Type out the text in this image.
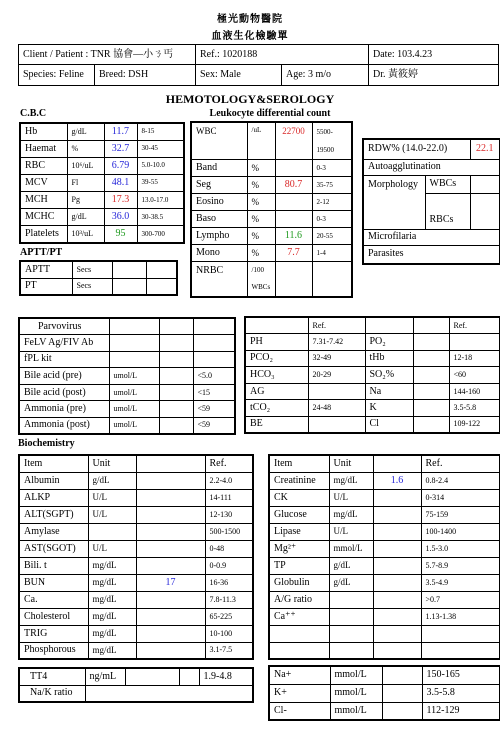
極光動物醫院
血液生化檢驗單
Client / Patient : TNR 協會—小ㄋ丐		Ref.: 1020188		Date: 103.4.23
Species: Feline	Breed: DSH	Sex: Male	Age: 3 m/o	Dr. 黃筱婷
HEMOTOLOGY&SEROLOGY
C.B.C	Leukocyte differential count
Hb	g/dL	11.7	8-15
Haemat	%	32.7	30-45
RBC	10⁶/uL	6.79	5.0-10.0
MCV	Fl	48.1	39-55
MCH	Pg	17.3	13.0-17.0
MCHC	g/dL	36.0	30-38.5
Platelets	10³/uL	95	300-700
APTT/PT
APTT	Secs		
PT	Secs		
WBC	/uL	22700	5500-
19500

Band	%		0-3
Seg	%	80.7	35-75
Eosino	%		2-12
Baso	%		0-3
Lympho	%	11.6	20-55
Mono	%	7.7	1-4
NRBC	/100
WBCs		

RDW% (14.0-22.0)		22.1
Autoagglutination		
Morphology	WBCs	
	RBCs	
Microfilaria		
Parasites		
Parvovirus			
FeLV Ag/FIV Ab			
fPL kit			
Bile acid (pre)	umol/L		<5.0
Bile acid (post)	umol/L		<15
Ammonia (pre)	umol/L		<59
Ammonia (post)	umol/L		<59
		Ref.			Ref.
PH		7.31-7.42	PO₂		
PCO₂		32-49	tHb		12-18
HCO₃		20-29	SO₂%		<60
AG			Na		144-160
tCO₂		24-48	K		3.5-5.8
BE			Cl		109-122
Biochemistry
Item	Unit		Ref.
Albumin	g/dL		2.2-4.0
ALKP	U/L		14-111
ALT(SGPT)	U/L		12-130
Amylase			500-1500
AST(SGOT)	U/L		0-48
Bili. t	mg/dL		0-0.9
BUN	mg/dL	17	16-36
Ca.	mg/dL		7.8-11.3
Cholesterol	mg/dL		65-225
TRIG	mg/dL		10-100
Phosphorous	mg/dL		3.1-7.5
Item	Unit		Ref.
Creatinine	mg/dL	1.6	0.8-2.4
CK	U/L		0-314
Glucose	mg/dL		75-159
Lipase	U/L		100-1400
Mg²⁺	mmol/L		1.5-3.0
TP	g/dL		5.7-8.9
Globulin	g/dL		3.5-4.9
A/G ratio			>0.7
Ca⁺⁺			1.13-1.38

TT4	ng/mL			1.9-4.8
Na/K ratio				
Na+	mmol/L		150-165
K+	mmol/L		3.5-5.8
Cl-	mmol/L		112-129
